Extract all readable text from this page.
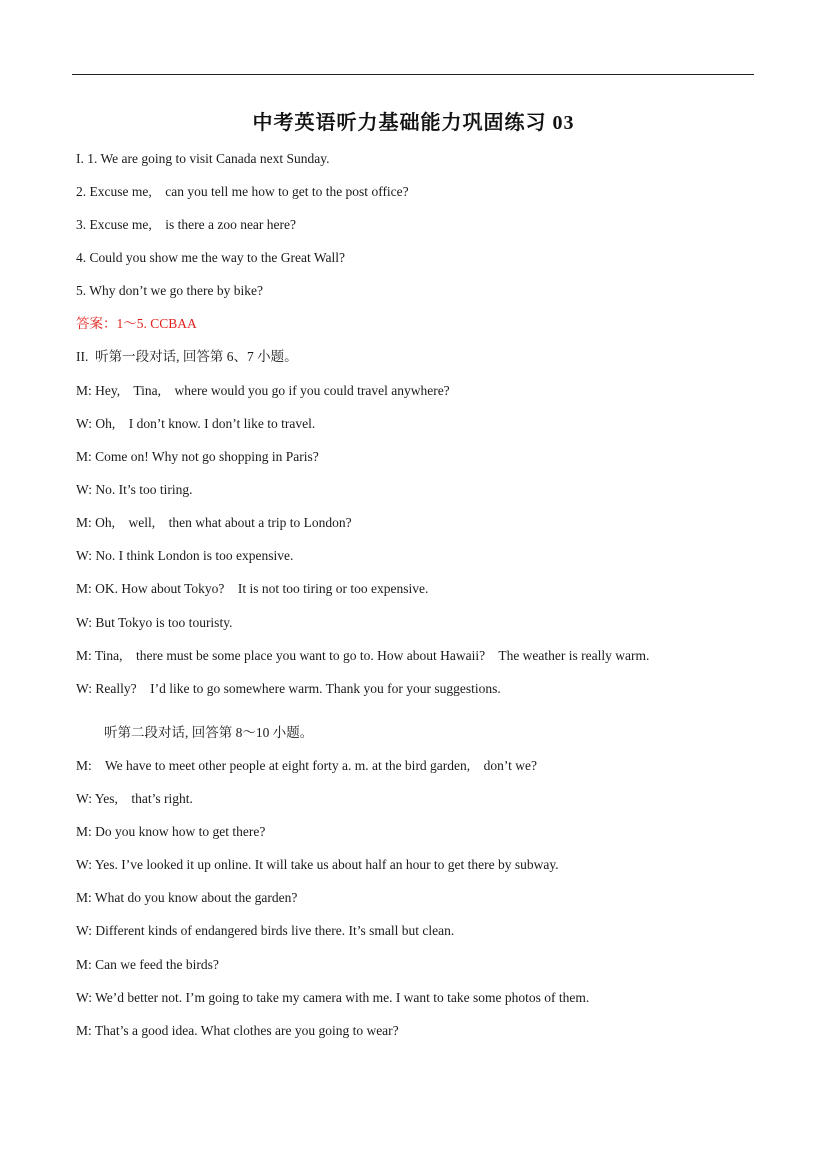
中考英语听力基础能力巩固练习 03
I. 1. We are going to visit Canada next Sunday.
2. Excuse me,    can you tell me how to get to the post office?
3. Excuse me,    is there a zoo near here?
4. Could you show me the way to the Great Wall?
5. Why don’t we go there by bike?
答案：1～5. CCBAA
II.  听第一段对话, 回答第 6、7 小题。
M: Hey,    Tina,    where would you go if you could travel anywhere?
W: Oh,    I don’t know. I don’t like to travel.
M: Come on! Why not go shopping in Paris?
W: No. It’s too tiring.
M: Oh,    well,    then what about a trip to London?
W: No. I think London is too expensive.
M: OK. How about Tokyo?    It is not too tiring or too expensive.
W: But Tokyo is too touristy.
M: Tina,    there must be some place you want to go to. How about Hawaii?    The weather is really warm.
W: Really?    I’d like to go somewhere warm. Thank you for your suggestions.
听第二段对话, 回答第 8～10 小题。
M:    We have to meet other people at eight forty a. m. at the bird garden,    don’t we?
W: Yes,    that’s right.
M: Do you know how to get there?
W: Yes. I’ve looked it up online. It will take us about half an hour to get there by subway.
M: What do you know about the garden?
W: Different kinds of endangered birds live there. It’s small but clean.
M: Can we feed the birds?
W: We’d better not. I’m going to take my camera with me. I want to take some photos of them.
M: That’s a good idea. What clothes are you going to wear?
